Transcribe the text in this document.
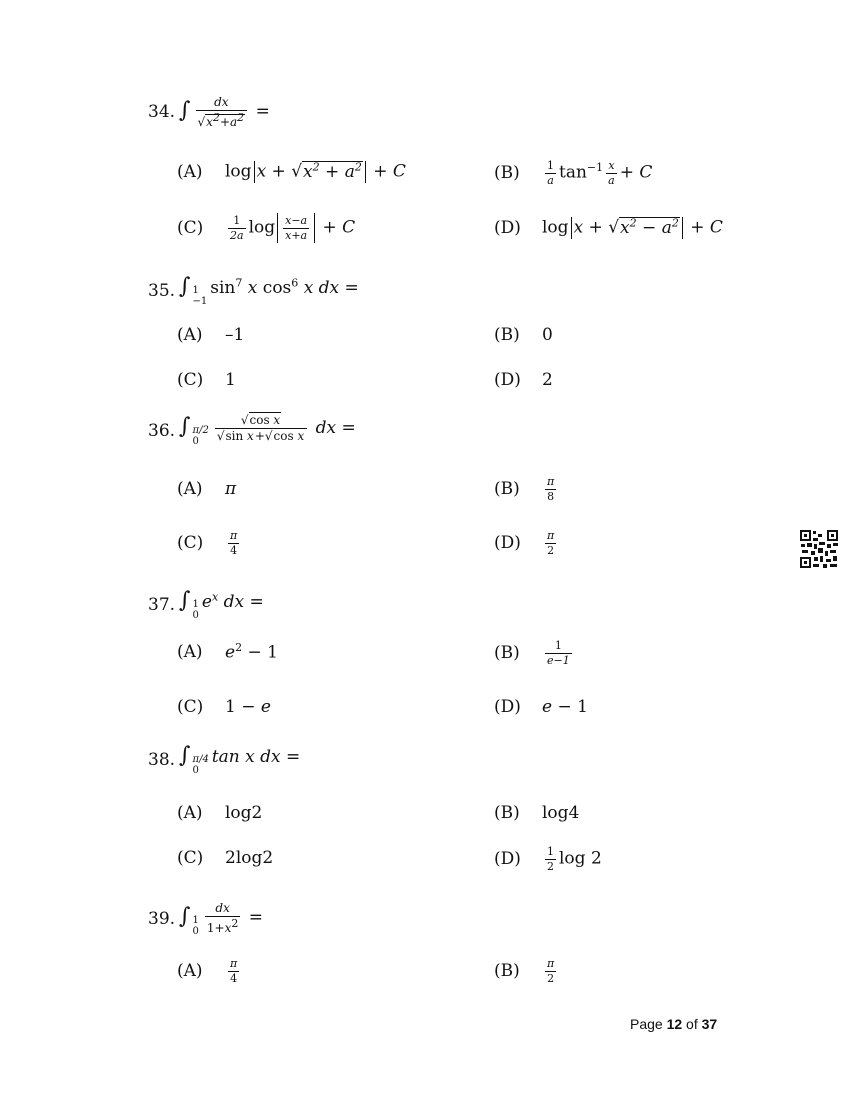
34. ∫ $\frac{dx}{√x^2+a^2}$ =
(A)	$\log x + √x^2 + a^2 + C$	(B)	$\frac{1}{a} \tan^{-1} \frac{x}{a} + C$
(C)	$\frac{1}{2a}$ $\log \frac{x-a}{x+a} + C$	(D)	$\log x + √x^2 - a^2 + C$
35. ∫ 1
−1
$\sin^7 x$ $\cos^6 x$ dx =
(A)	–1	(B)	0
(C)	1	(D)	2
36. ∫ π/2
0	$\frac{\text{√cos x}}{\text{√sin x+√cos x}}$ dx =
(A)	π	(B)	$\frac{\pi}{8}$
(C)	$\frac{\pi}{4}$	(D)	$\frac{\pi}{2}$
37. ∫ 1
0
$e^x$ dx =
(A)	$e^2 - 1$	(B)	$\frac{1}{e-1}$
(C)	1 − e	(D)	e − 1
38. ∫ π/4
0
tan x dx =
(A)	log2	(B)	log4
(C)	2log2	(D)	$\frac{1}{2}$ log 2
39. ∫ 1
$0 \frac{dx}{1+x^2}$ =
(A)	$\frac{\pi}{4}$	(B)	$\frac{\pi}{2}$
Page 12 of 37
